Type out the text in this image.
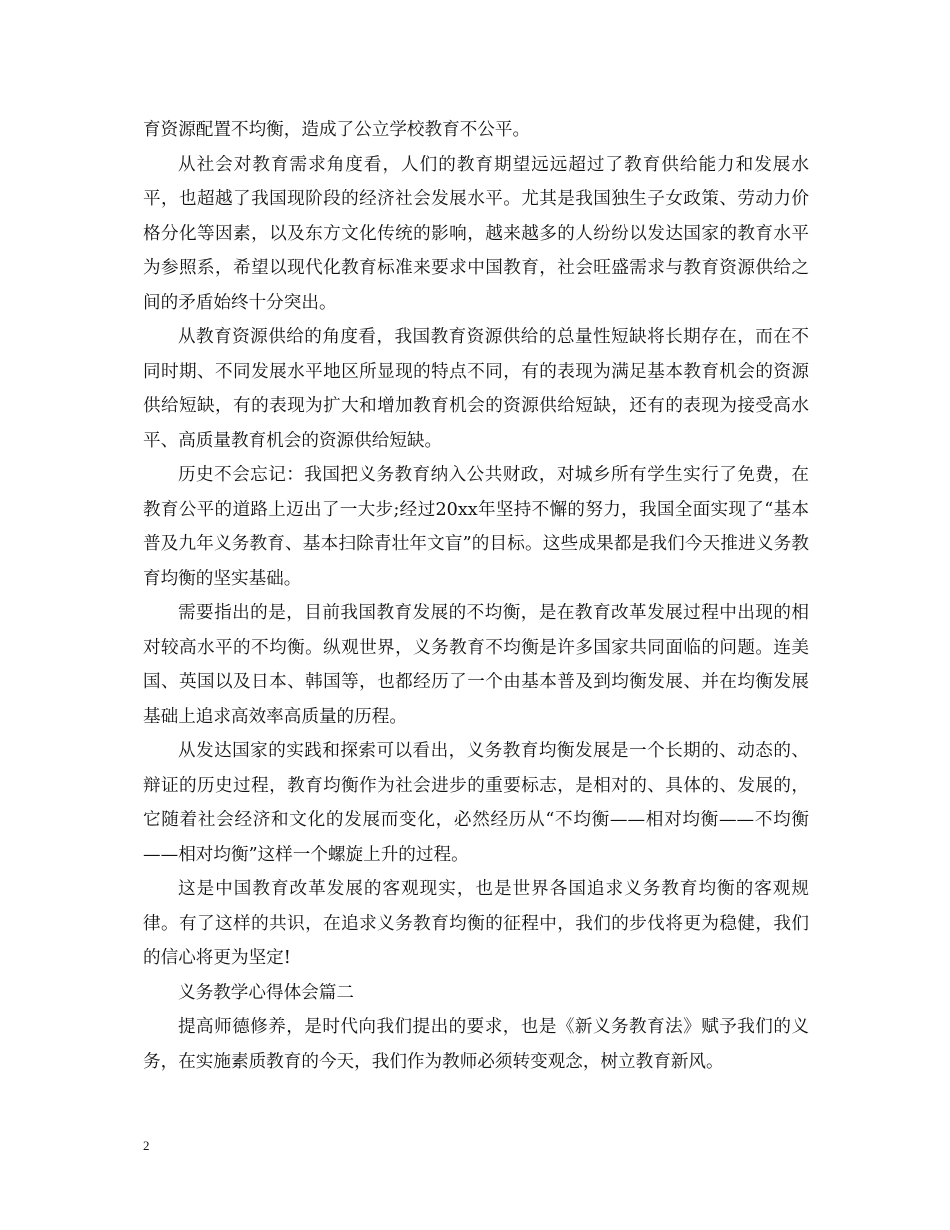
育资源配置不均衡，造成了公立学校教育不公平。

从社会对教育需求角度看，人们的教育期望远远超过了教育供给能力和发展水平，也超越了我国现阶段的经济社会发展水平。尤其是我国独生子女政策、劳动力价格分化等因素，以及东方文化传统的影响，越来越多的人纷纷以发达国家的教育水平为参照系，希望以现代化教育标准来要求中国教育，社会旺盛需求与教育资源供给之间的矛盾始终十分突出。

从教育资源供给的角度看，我国教育资源供给的总量性短缺将长期存在，而在不同时期、不同发展水平地区所显现的特点不同，有的表现为满足基本教育机会的资源供给短缺，有的表现为扩大和增加教育机会的资源供给短缺，还有的表现为接受高水平、高质量教育机会的资源供给短缺。

历史不会忘记：我国把义务教育纳入公共财政，对城乡所有学生实行了免费，在教育公平的道路上迈出了一大步;经过20xx年坚持不懈的努力，我国全面实现了“基本普及九年义务教育、基本扫除青壮年文盲”的目标。这些成果都是我们今天推进义务教育均衡的坚实基础。

需要指出的是，目前我国教育发展的不均衡，是在教育改革发展过程中出现的相对较高水平的不均衡。纵观世界，义务教育不均衡是许多国家共同面临的问题。连美国、英国以及日本、韩国等，也都经历了一个由基本普及到均衡发展、并在均衡发展基础上追求高效率高质量的历程。

从发达国家的实践和探索可以看出，义务教育均衡发展是一个长期的、动态的、辩证的历史过程，教育均衡作为社会进步的重要标志，是相对的、具体的、发展的，它随着社会经济和文化的发展而变化，必然经历从“不均衡——相对均衡——不均衡——相对均衡”这样一个螺旋上升的过程。

这是中国教育改革发展的客观现实，也是世界各国追求义务教育均衡的客观规律。有了这样的共识，在追求义务教育均衡的征程中，我们的步伐将更为稳健，我们的信心将更为坚定!

义务教学心得体会篇二

提高师德修养，是时代向我们提出的要求，也是《新义务教育法》赋予我们的义务，在实施素质教育的今天，我们作为教师必须转变观念，树立教育新风。

2
